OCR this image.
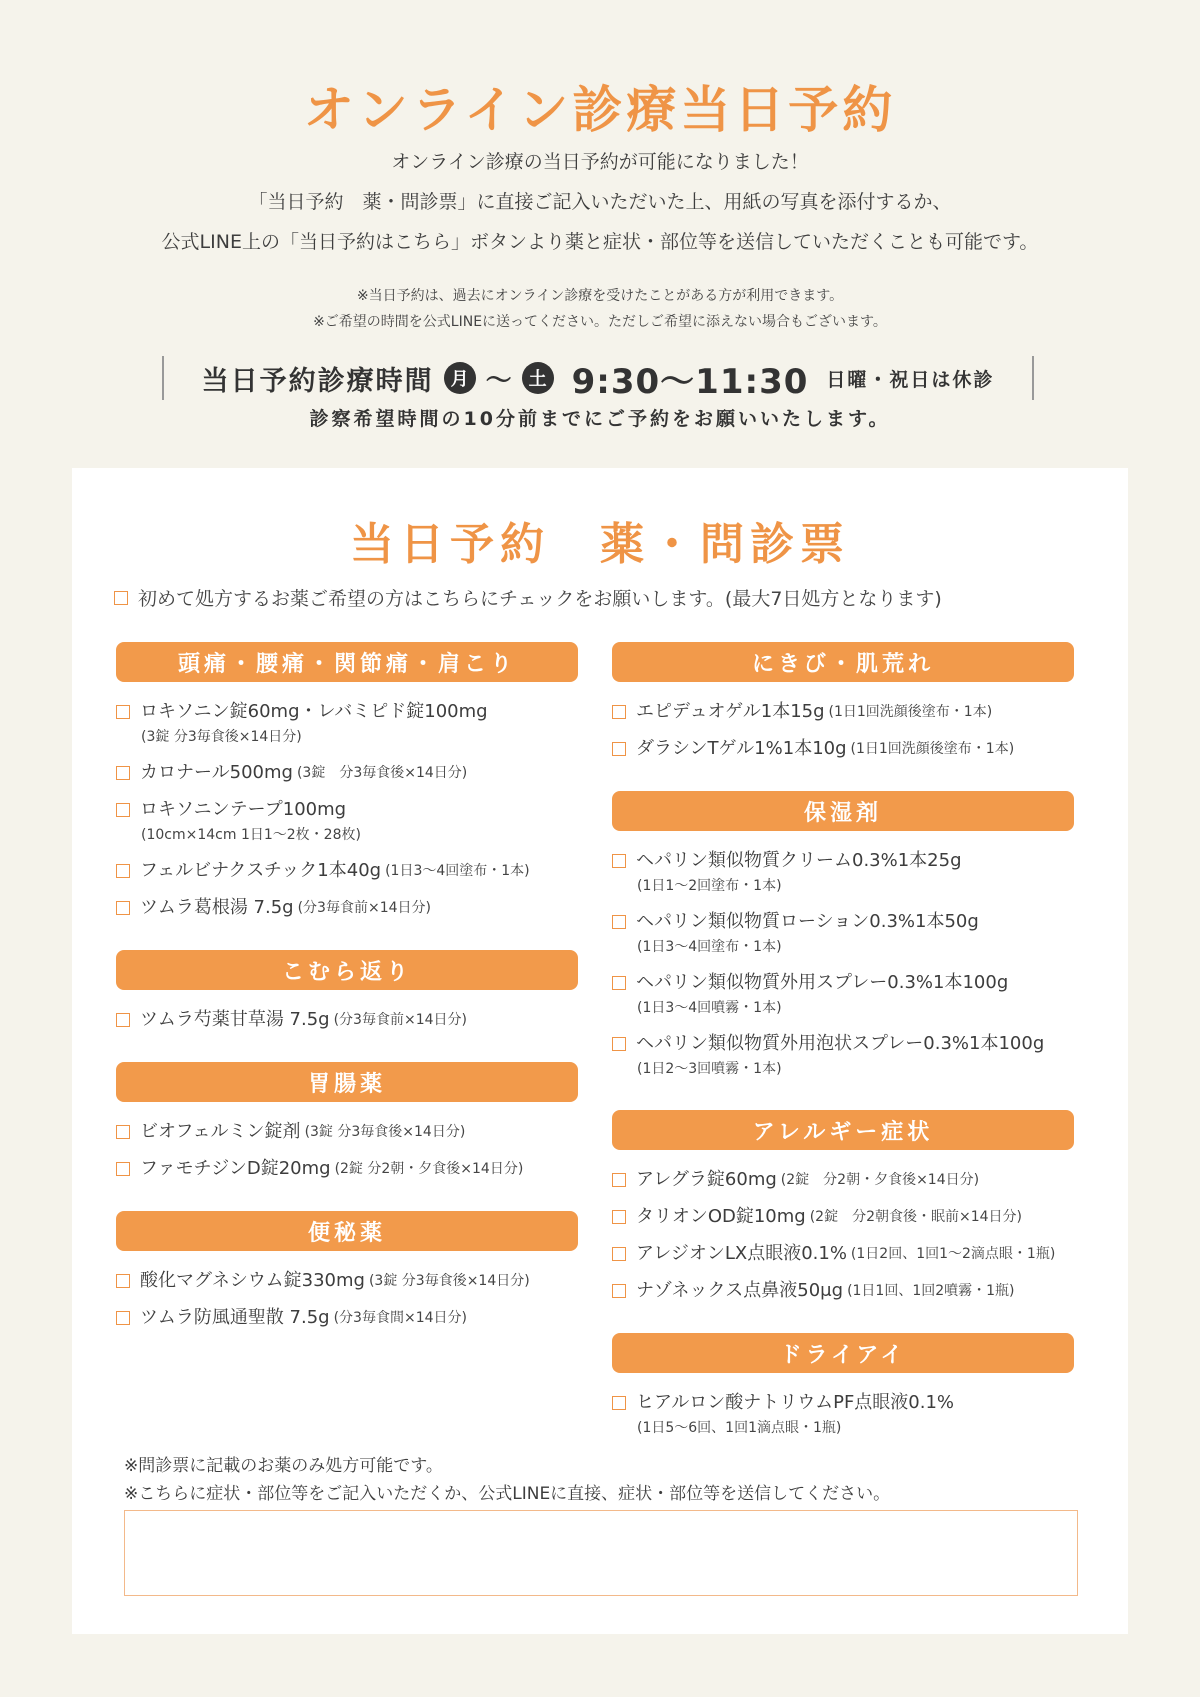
オンライン診療当日予約

オンライン診療の当日予約が可能になりました！

「当日予約　薬・問診票」に直接ご記入いただいた上、用紙の写真を添付するか、

公式LINE上の「当日予約はこちら」ボタンより薬と症状・部位等を送信していただくことも可能です。

※当日予約は、過去にオンライン診療を受けたことがある方が利用できます。
※ご希望の時間を公式LINEに送ってください。ただしご希望に添えない場合もございます。
当日予約診療時間 月 〜 土 9:30〜11:30 日曜・祝日は休診
診察希望時間の10分前までにご予約をお願いいたします。
当日予約　薬・問診票
初めて処方するお薬ご希望の方はこちらにチェックをお願いします。(最大7日処方となります)
頭痛・腰痛・関節痛・肩こり
ロキソニン錠60mg・レバミピド錠100mg
(3錠 分3毎食後×14日分)
カロナール500mg (3錠　分3毎食後×14日分)
ロキソニンテープ100mg
(10cm×14cm 1日1〜2枚・28枚)
フェルビナクスチック1本40g (1日3〜4回塗布・1本)
ツムラ葛根湯 7.5g (分3毎食前×14日分)
こむら返り
ツムラ芍薬甘草湯 7.5g (分3毎食前×14日分)
胃腸薬
ビオフェルミン錠剤 (3錠 分3毎食後×14日分)
ファモチジンD錠20mg (2錠 分2朝・夕食後×14日分)
便秘薬
酸化マグネシウム錠330mg (3錠 分3毎食後×14日分)
ツムラ防風通聖散 7.5g (分3毎食間×14日分)
にきび・肌荒れ
エピデュオゲル1本15g (1日1回洗顔後塗布・1本)
ダラシンTゲル1%1本10g (1日1回洗顔後塗布・1本)
保湿剤
ヘパリン類似物質クリーム0.3%1本25g
(1日1〜2回塗布・1本)
ヘパリン類似物質ローション0.3%1本50g
(1日3〜4回塗布・1本)
ヘパリン類似物質外用スプレー0.3%1本100g
(1日3〜4回噴霧・1本)
ヘパリン類似物質外用泡状スプレー0.3%1本100g
(1日2〜3回噴霧・1本)
アレルギー症状
アレグラ錠60mg (2錠　分2朝・夕食後×14日分)
タリオンOD錠10mg (2錠　分2朝食後・眠前×14日分)
アレジオンLX点眼液0.1% (1日2回、1回1〜2滴点眼・1瓶)
ナゾネックス点鼻液50μg (1日1回、1回2噴霧・1瓶)
ドライアイ
ヒアルロン酸ナトリウムPF点眼液0.1%
(1日5〜6回、1回1滴点眼・1瓶)
※問診票に記載のお薬のみ処方可能です。
※こちらに症状・部位等をご記入いただくか、公式LINEに直接、症状・部位等を送信してください。
